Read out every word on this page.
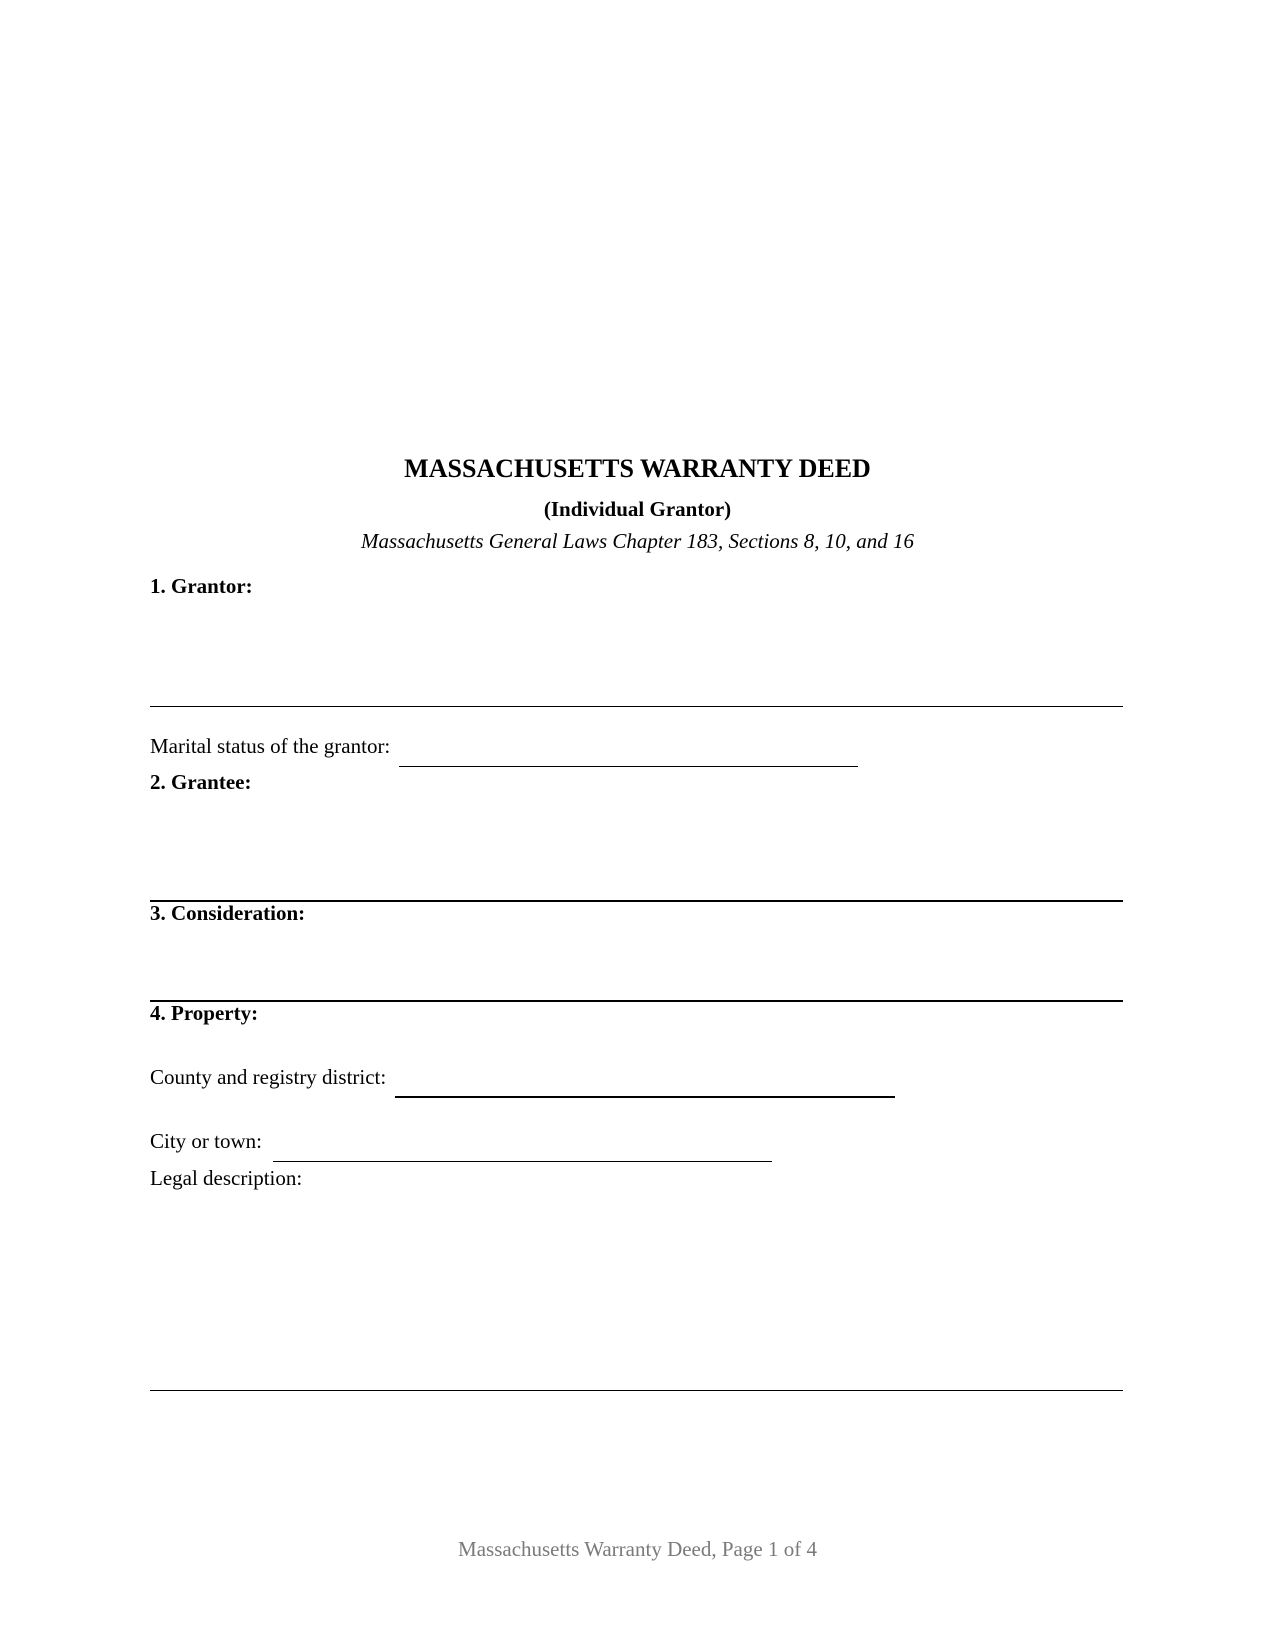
MASSACHUSETTS WARRANTY DEED
(Individual Grantor)
Massachusetts General Laws Chapter 183, Sections 8, 10, and 16
1. Grantor:
Marital status of the grantor:
2. Grantee:
3. Consideration:
4. Property:
County and registry district:
City or town:
Legal description:
Massachusetts Warranty Deed, Page 1 of 4
